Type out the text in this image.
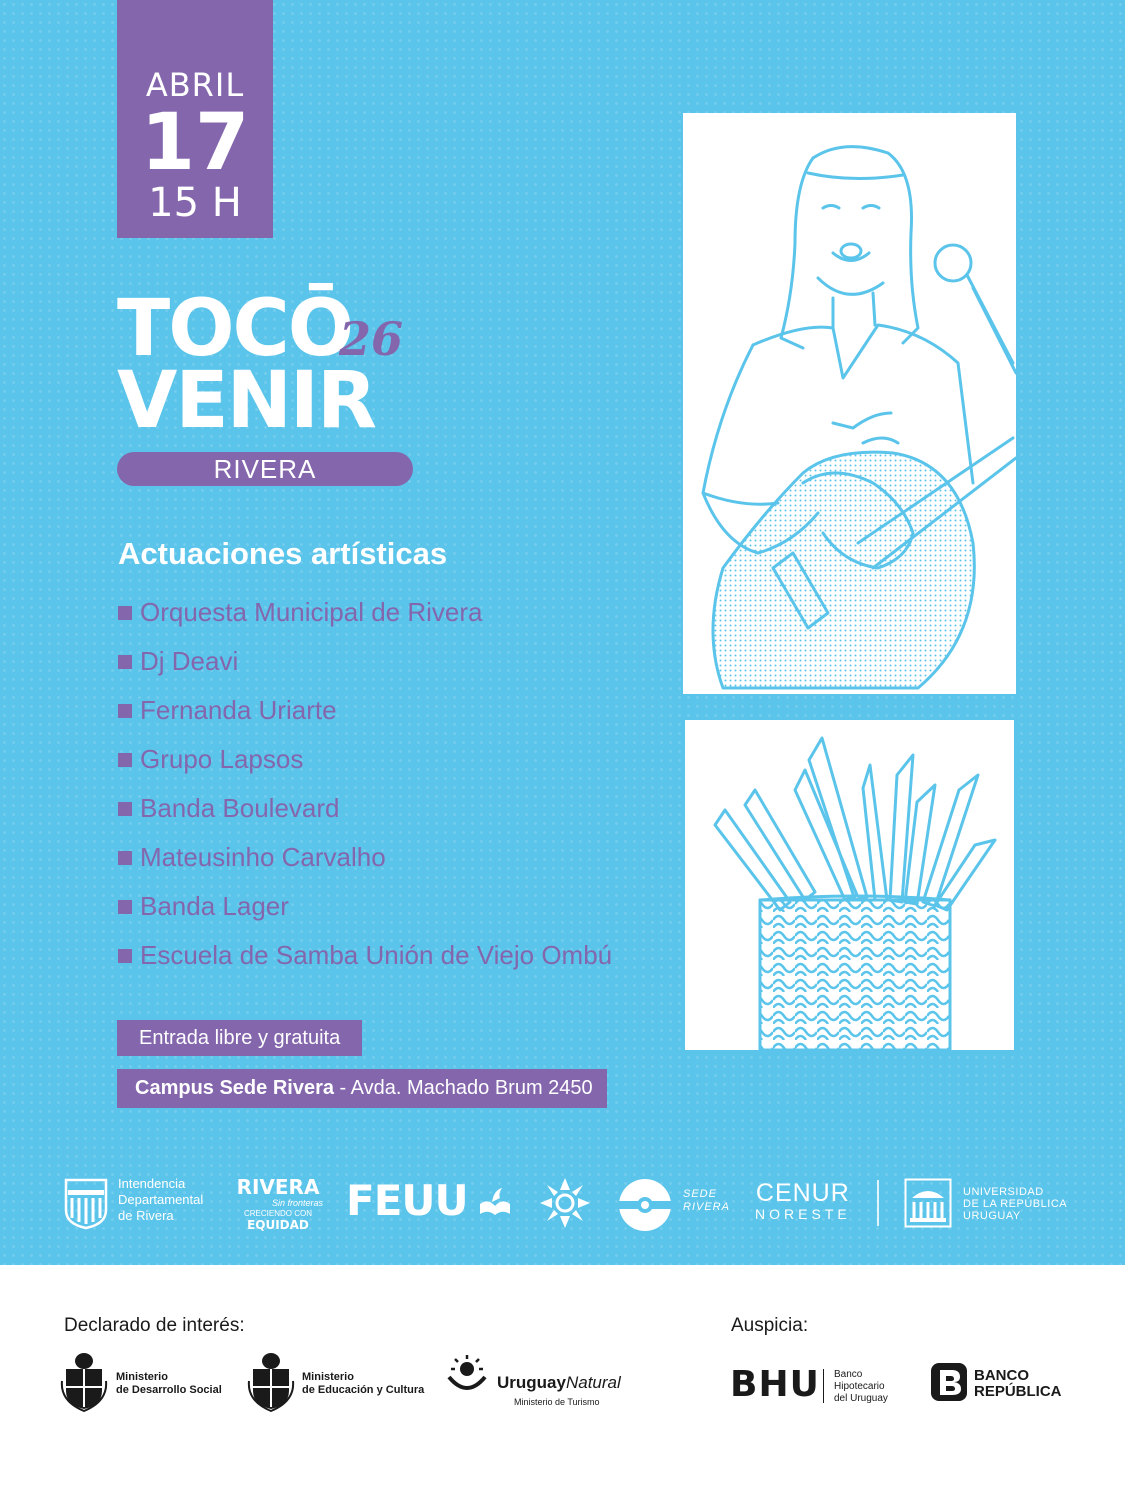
ABRIL
17
15 H
TOCŌ
26
VENIR
RIVERA
Actuaciones artísticas
Orquesta Municipal de Rivera
Dj Deavi
Fernanda Uriarte
Grupo Lapsos
Banda Boulevard
Mateusinho Carvalho
Banda Lager
Escuela de Samba Unión de Viejo Ombú
Entrada libre y gratuita
Campus Sede Rivera - Avda. Machado Brum 2450
Intendencia
Departamental
de Rivera
RIVERA
Sin fronteras
CRECIENDO CON
EQUIDAD FEUU	SEDE
RIVERA CENUR
NORESTE
UNIVERSIDAD
DE LA REPÚBLICA
URUGUAY
Declarado de interés:	Auspicia:
Ministerio
de Desarrollo Social
Ministerio
de Educación y Cultura	UruguayNatural
Ministerio de Turismo	BHU Banco
Hipotecario
del Uruguay
BANCO
REPÚBLICA
